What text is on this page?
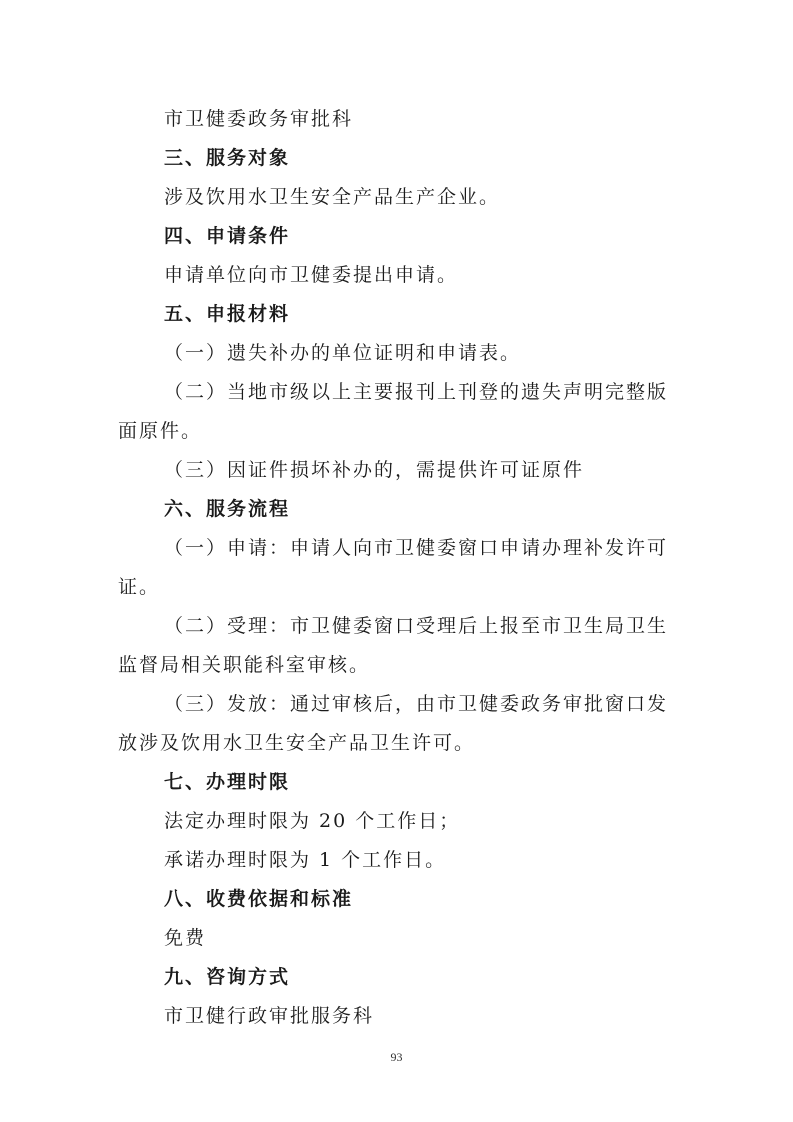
市卫健委政务审批科

三、服务对象

涉及饮用水卫生安全产品生产企业。

四、申请条件

申请单位向市卫健委提出申请。

五、申报材料

（一）遗失补办的单位证明和申请表。

（二）当地市级以上主要报刊上刊登的遗失声明完整版面原件。

（三）因证件损坏补办的，需提供许可证原件

六、服务流程

（一）申请：申请人向市卫健委窗口申请办理补发许可证。

（二）受理：市卫健委窗口受理后上报至市卫生局卫生监督局相关职能科室审核。

（三）发放：通过审核后，由市卫健委政务审批窗口发放涉及饮用水卫生安全产品卫生许可。

七、办理时限

法定办理时限为 20 个工作日；

承诺办理时限为 1 个工作日。

八、收费依据和标准

免费

九、咨询方式

市卫健行政审批服务科

93
